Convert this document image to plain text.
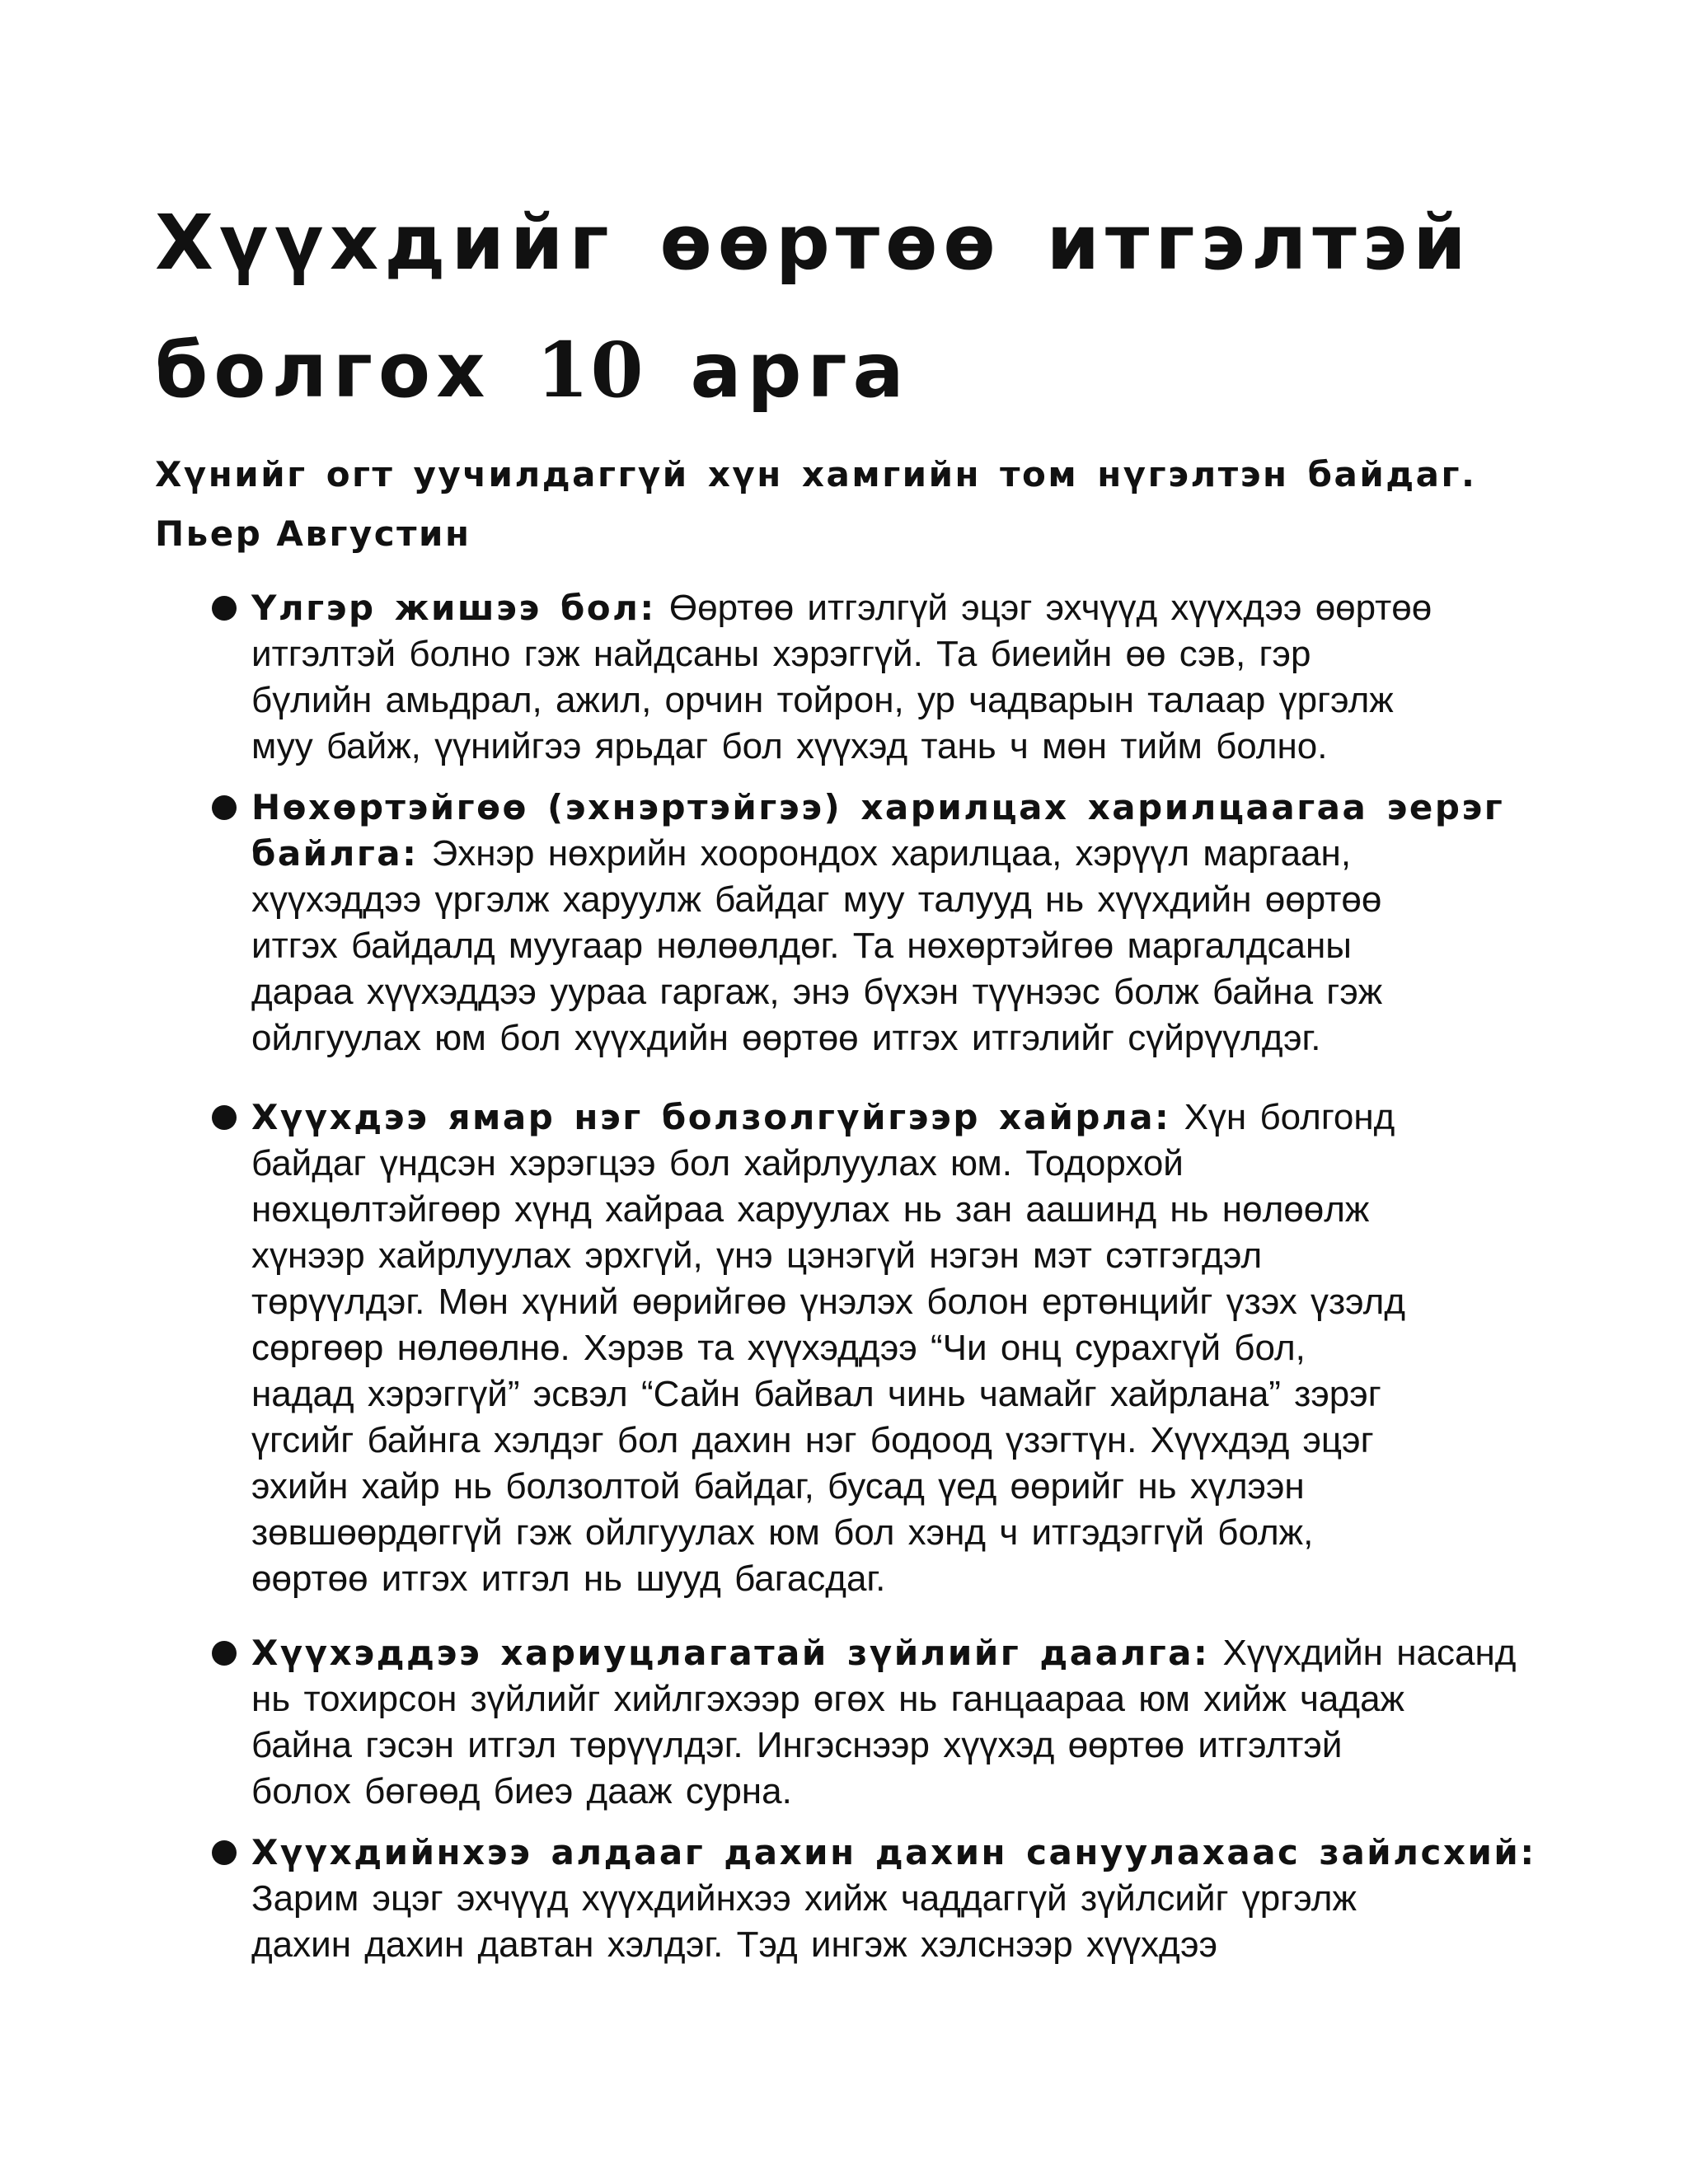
Хүүхдийг өөртөө итгэлтэй
болгох 10 арга

Хүнийг огт уучилдаггүй хүн хамгийн том нүгэлтэн байдаг.

Пьер Августин

Үлгэр жишээ бол: Өөртөө итгэлгүй эцэг эхчүүд хүүхдээ өөртөө
итгэлтэй болно гэж найдсаны хэрэггүй. Та биеийн өө сэв, гэр
бүлийн амьдрал, ажил, орчин тойрон, ур чадварын талаар үргэлж
муу байж, үүнийгээ ярьдаг бол хүүхэд тань ч мөн тийм болно.
Нөхөртэйгөө (эхнэртэйгээ) харилцах харилцаагаа эерэг
байлга: Эхнэр нөхрийн хоорондох харилцаа, хэрүүл маргаан,
хүүхэддээ үргэлж харуулж байдаг муу талууд нь хүүхдийн өөртөө
итгэх байдалд муугаар нөлөөлдөг. Та нөхөртэйгөө маргалдсаны
дараа хүүхэддээ уураа гаргаж, энэ бүхэн түүнээс болж байна гэж
ойлгуулах юм бол хүүхдийн өөртөө итгэх итгэлийг сүйрүүлдэг.
Хүүхдээ ямар нэг болзолгүйгээр хайрла: Хүн болгонд
байдаг үндсэн хэрэгцээ бол хайрлуулах юм. Тодорхой
нөхцөлтэйгөөр хүнд хайраа харуулах нь зан аашинд нь нөлөөлж
хүнээр хайрлуулах эрхгүй, үнэ цэнэгүй нэгэн мэт сэтгэгдэл
төрүүлдэг. Мөн хүний өөрийгөө үнэлэх болон ертөнцийг үзэх үзэлд
сөргөөр нөлөөлнө. Хэрэв та хүүхэддээ “Чи онц сурахгүй бол,
надад хэрэггүй” эсвэл “Сайн байвал чинь чамайг хайрлана” зэрэг
үгсийг байнга хэлдэг бол дахин нэг бодоод үзэгтүн. Хүүхдэд эцэг
эхийн хайр нь болзолтой байдаг, бусад үед өөрийг нь хүлээн
зөвшөөрдөггүй гэж ойлгуулах юм бол хэнд ч итгэдэггүй болж,
өөртөө итгэх итгэл нь шууд багасдаг.
Хүүхэддээ хариуцлагатай зүйлийг даалга: Хүүхдийн насанд
нь тохирсон зүйлийг хийлгэхээр өгөх нь ганцаараа юм хийж чадаж
байна гэсэн итгэл төрүүлдэг. Ингэснээр хүүхэд өөртөө итгэлтэй
болох бөгөөд биеэ дааж сурна.
Хүүхдийнхээ алдааг дахин дахин сануулахаас зайлсхий:
Зарим эцэг эхчүүд хүүхдийнхээ хийж чаддаггүй зүйлсийг үргэлж
дахин дахин давтан хэлдэг. Тэд ингэж хэлснээр хүүхдээ
